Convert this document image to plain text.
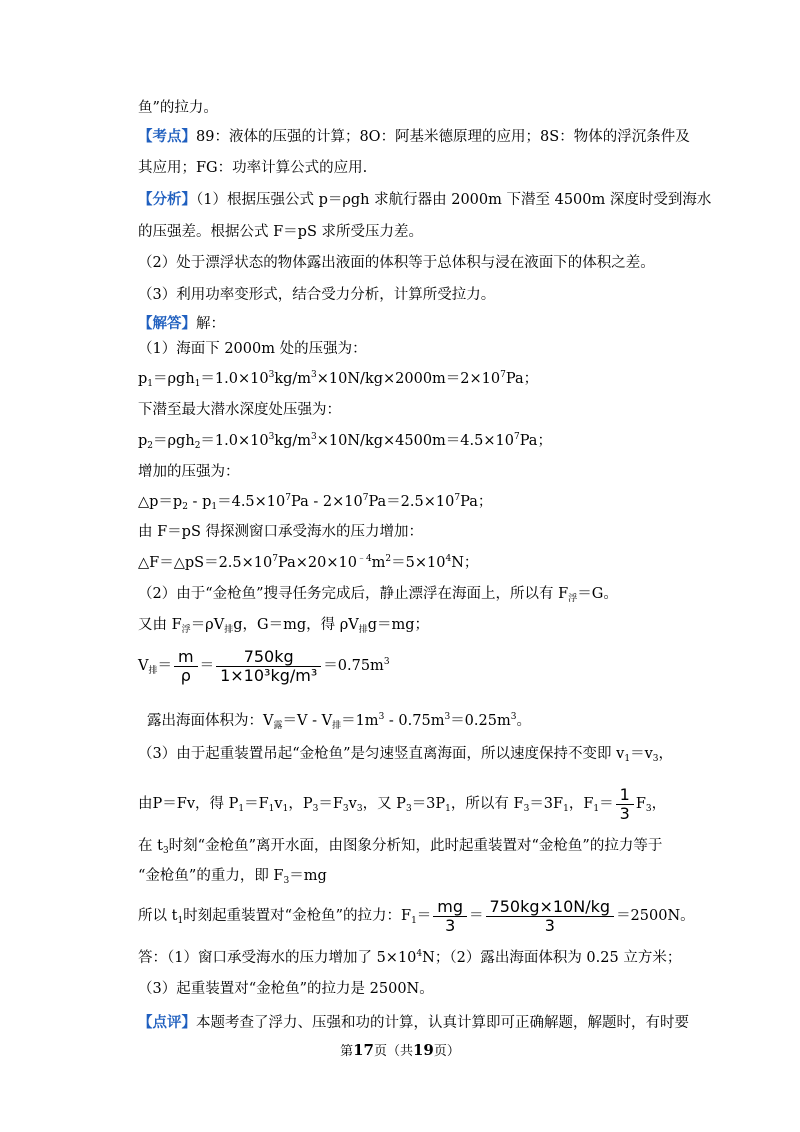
鱼”的拉力。
【考点】89：液体的压强的计算；8O：阿基米德原理的应用；8S：物体的浮沉条件及
其应用；FG：功率计算公式的应用.
【分析】（1）根据压强公式 p＝ρgh 求航行器由 2000m 下潜至 4500m 深度时受到海水
的压强差。根据公式 F＝pS 求所受压力差。
（2）处于漂浮状态的物体露出液面的体积等于总体积与浸在液面下的体积之差。
（3）利用功率变形式，结合受力分析，计算所受拉力。
【解答】解：
（1）海面下 2000m 处的压强为：
$p_1=\rho gh_1=1.0\times 10^3kg/m^3\times 10N/kg\times 2000m=2\times 10^7Pa$；
下潜至最大潜水深度处压强为：
$p_2=\rho gh_2=1.0\times 10^3kg/m^3\times 10N/kg\times 4500m=4.5\times 10^7Pa$；
增加的压强为：
$\triangle p=p_2 - p_1=4.5\times 10^7Pa - 2\times 10^7Pa=2.5\times 10^7Pa$；
由 F＝pS 得探测窗口承受海水的压力增加：
$\triangle F=\triangle pS=2.5\times 10^7Pa\times 20\times 10^{﹣4}m^2=5\times 10^4N$；
（2）由于“金枪鱼”搜寻任务完成后，静止漂浮在海面上，所以有 $F_浮=G$。
又由 $F_浮=\rho V_排g$，G＝mg，得 $\rho V_排g=mg$；
$V_排= \frac{m}{\rho} = \frac{750kg}{\text{1×10³kg/m³}} =0.75m^3$
露出海面体积为：$V_露=V - V_排=1m^3 - 0.75m^3=0.25m^3$。
（3）由于起重装置吊起“金枪鱼”是匀速竖直离海面，所以速度保持不变即 $v_1=v_3$，
由P＝Fv，得 $P_1=F_1v_1$，$P_3=F_3v_3$，又 $P_3=3P_1$，所以有 $F_3=3F_1$，$F_1= \frac{1}{3} F_3$，
在 $t_3$时刻“金枪鱼”离开水面，由图象分析知，此时起重装置对“金枪鱼”的拉力等于
“金枪鱼”的重力，即 $F_3=mg$
所以 $t_1$时刻起重装置对“金枪鱼”的拉力：$F_1= \frac{mg}{3} = \frac{750kg\times 10N/kg}{3} =2500N$。
答：（1）窗口承受海水的压力增加了 $5\times 10^4N$；（2）露出海面体积为 0.25 立方米；
（3）起重装置对“金枪鱼”的拉力是 2500N。
【点评】本题考查了浮力、压强和功的计算，认真计算即可正确解题，解题时，有时要
第17页（共19页）
